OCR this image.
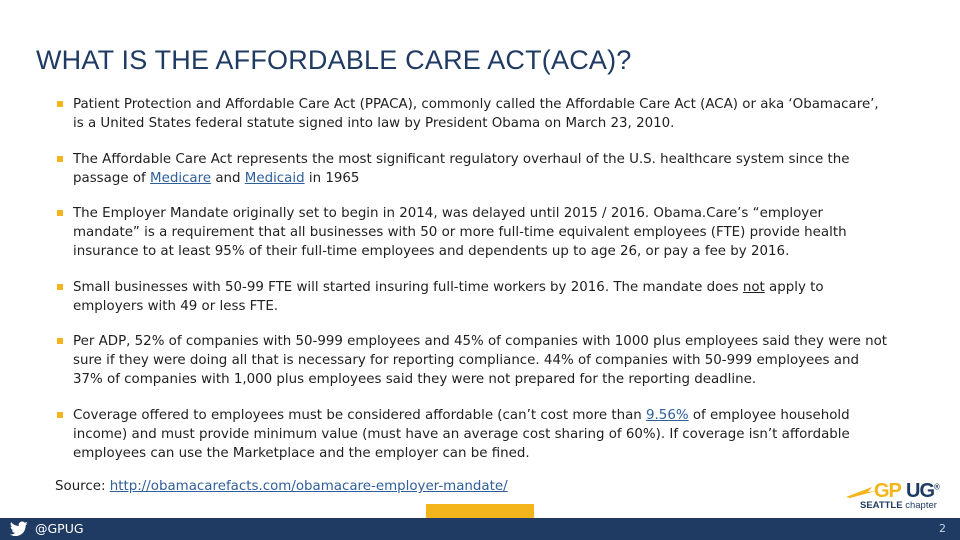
WHAT IS THE AFFORDABLE CARE ACT(ACA)?
Patient Protection and Affordable Care Act (PPACA), commonly called the Affordable Care Act (ACA) or aka ‘Obamacare’, is a United States federal statute signed into law by President Obama on March 23, 2010.
The Affordable Care Act represents the most significant regulatory overhaul of the U.S. healthcare system since the passage of Medicare and Medicaid in 1965
The Employer Mandate originally set to begin in 2014, was delayed until 2015 / 2016. Obama.Care’s “employer mandate” is a requirement that all businesses with 50 or more full-time equivalent employees (FTE) provide health insurance to at least 95% of their full-time employees and dependents up to age 26, or pay a fee by 2016.
Small businesses with 50-99 FTE will started insuring full-time workers by 2016. The mandate does not apply to employers with 49 or less FTE.
Per ADP, 52% of companies with 50-999 employees and 45% of companies with 1000 plus employees said they were not sure if they were doing all that is necessary for reporting compliance. 44% of companies with 50-999 employees and 37% of companies with 1,000 plus employees said they were not prepared for the reporting deadline.
Coverage offered to employees must be considered affordable (can’t cost more than 9.56% of employee household income) and must provide minimum value (must have an average cost sharing of 60%). If coverage isn’t affordable employees can use the Marketplace and the employer can be fined.
Source: http://obamacarefacts.com/obamacare-employer-mandate/
@GPUG	2
GP UG®
SEATTLE chapter
